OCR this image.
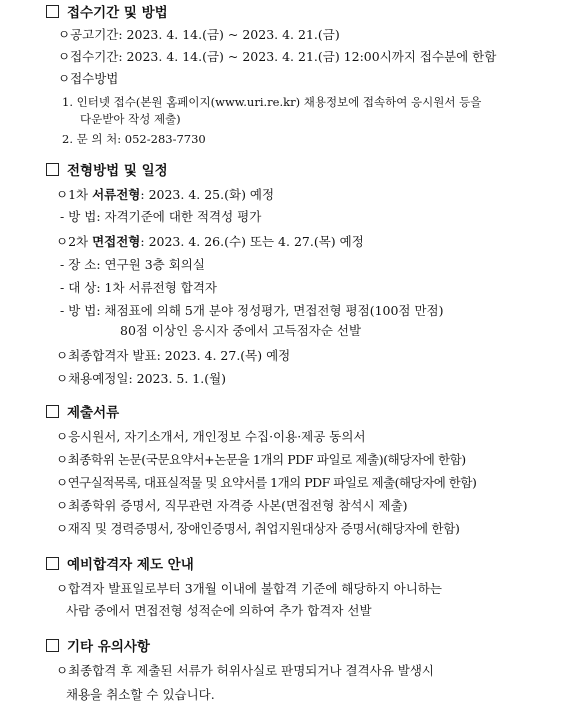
접수기간 및 방법
ㅇ공고기간: 2023. 4. 14.(금) ~ 2023. 4. 21.(금)
ㅇ접수기간: 2023. 4. 14.(금) ~ 2023. 4. 21.(금) 12:00시까지 접수분에 한함
ㅇ접수방법
1. 인터넷 접수(본원 홈페이지(www.uri.re.kr) 채용정보에 접속하여 응시원서 등을
다운받아 작성 제출)
2. 문 의 처: 052-283-7730
전형방법 및 일정
ㅇ1차 서류전형: 2023. 4. 25.(화) 예정
- 방 법: 자격기준에 대한 적격성 평가
ㅇ2차 면접전형: 2023. 4. 26.(수) 또는 4. 27.(목) 예정
- 장 소: 연구원 3층 회의실
- 대 상: 1차 서류전형 합격자
- 방 법: 채점표에 의해 5개 분야 정성평가, 면접전형 평점(100점 만점)
80점 이상인 응시자 중에서 고득점자순 선발
ㅇ최종합격자 발표: 2023. 4. 27.(목) 예정
ㅇ채용예정일: 2023. 5. 1.(월)
제출서류
ㅇ응시원서, 자기소개서, 개인정보 수집·이용·제공 동의서
ㅇ최종학위 논문(국문요약서+논문을 1개의 PDF 파일로 제출)(해당자에 한함)
ㅇ연구실적목록, 대표실적물 및 요약서를 1개의 PDF 파일로 제출(해당자에 한함)
ㅇ최종학위 증명서, 직무관련 자격증 사본(면접전형 참석시 제출)
ㅇ재직 및 경력증명서, 장애인증명서, 취업지원대상자 증명서(해당자에 한함)
예비합격자 제도 안내
ㅇ합격자 발표일로부터 3개월 이내에 불합격 기준에 해당하지 아니하는
사람 중에서 면접전형 성적순에 의하여 추가 합격자 선발
기타 유의사항
ㅇ최종합격 후 제출된 서류가 허위사실로 판명되거나 결격사유 발생시
채용을 취소할 수 있습니다.
